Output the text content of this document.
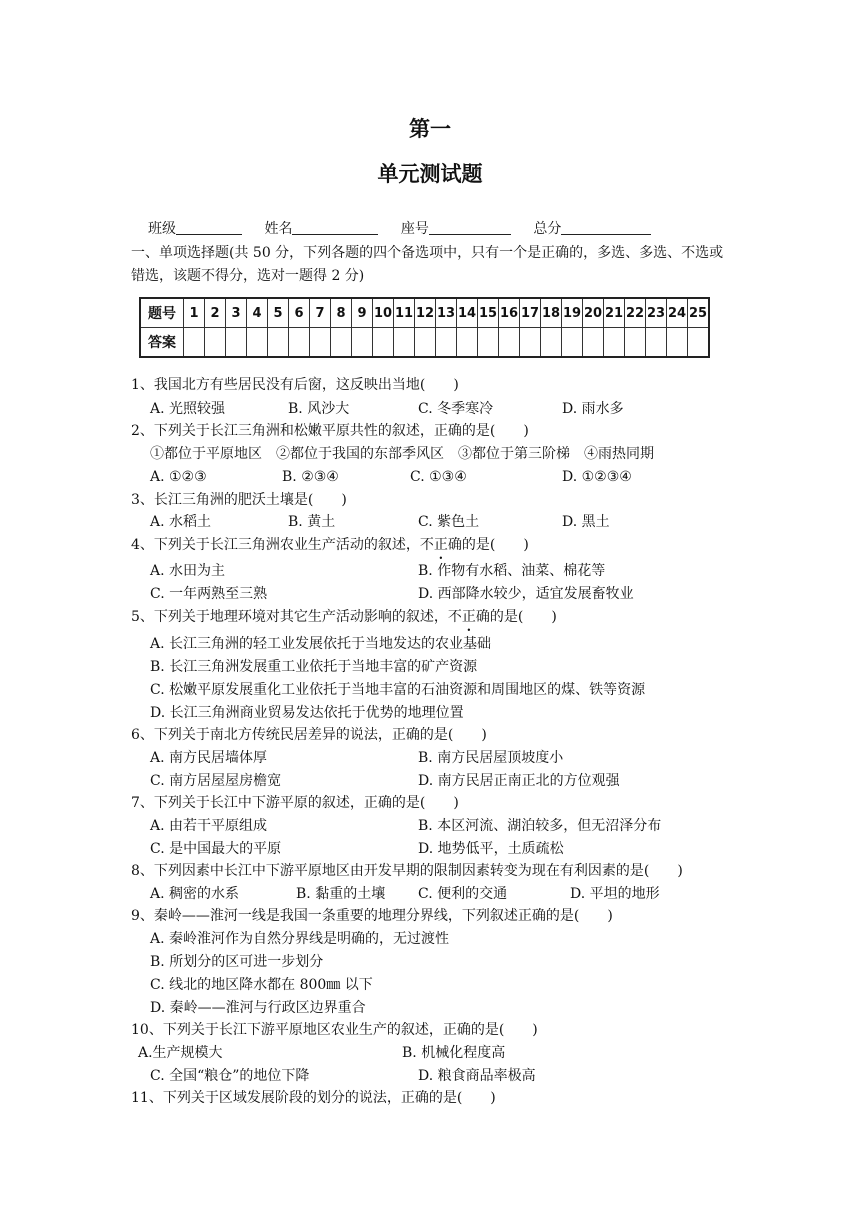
第一
单元测试题
班级	姓名	座号	总分
一、单项选择题(共 50 分，下列各题的四个备选项中，只有一个是正确的，多选、多选、不选或错选，该题不得分，选对一题得 2 分)
题号	1	2	3	4	5	6	7	8	9	10	11	12	13	14	15	16	17	18	19	20	21	22	23	24	25
答案																									
1、我国北方有些居民没有后窗，这反映出当地(　　)
A. 光照较强	B. 风沙大	C. 冬季寒冷	D. 雨水多
2、下列关于长江三角洲和松嫩平原共性的叙述，正确的是(　　)
①都位于平原地区　②都位于我国的东部季风区　③都位于第三阶梯　④雨热同期
A. ①②③	B. ②③④	C. ①③④	D. ①②③④
3、长江三角洲的肥沃土壤是(　　)
A. 水稻土	B. 黄土	C. 紫色土	D. 黑土
4、下列关于长江三角洲农业生产活动的叙述，不正确的是(　　)
A. 水田为主	B. 作物有水稻、油菜、棉花等
C. 一年两熟至三熟	D. 西部降水较少，适宜发展畜牧业
5、下列关于地理环境对其它生产活动影响的叙述，不正确的是(　　)
A. 长江三角洲的轻工业发展依托于当地发达的农业基础
B. 长江三角洲发展重工业依托于当地丰富的矿产资源
C. 松嫩平原发展重化工业依托于当地丰富的石油资源和周围地区的煤、铁等资源
D. 长江三角洲商业贸易发达依托于优势的地理位置
6、下列关于南北方传统民居差异的说法，正确的是(　　)
A. 南方民居墙体厚	B. 南方民居屋顶坡度小
C. 南方居屋屋房檐宽	D. 南方民居正南正北的方位观强
7、下列关于长江中下游平原的叙述，正确的是(　　)
A. 由若干平原组成	B. 本区河流、湖泊较多，但无沼泽分布
C. 是中国最大的平原	D. 地势低平，土质疏松
8、下列因素中长江中下游平原地区由开发早期的限制因素转变为现在有利因素的是(　　)
A. 稠密的水系	B. 黏重的土壤 C. 便利的交通	D. 平坦的地形
9、秦岭——淮河一线是我国一条重要的地理分界线，下列叙述正确的是(　　)
A. 秦岭淮河作为自然分界线是明确的，无过渡性
B. 所划分的区可进一步划分
C. 线北的地区降水都在 800㎜ 以下
D. 秦岭——淮河与行政区边界重合
10、下列关于长江下游平原地区农业生产的叙述，正确的是(　　)
A.生产规模大	B. 机械化程度高
C. 全国“粮仓”的地位下降	D. 粮食商品率极高
11、下列关于区域发展阶段的划分的说法，正确的是(　　)
